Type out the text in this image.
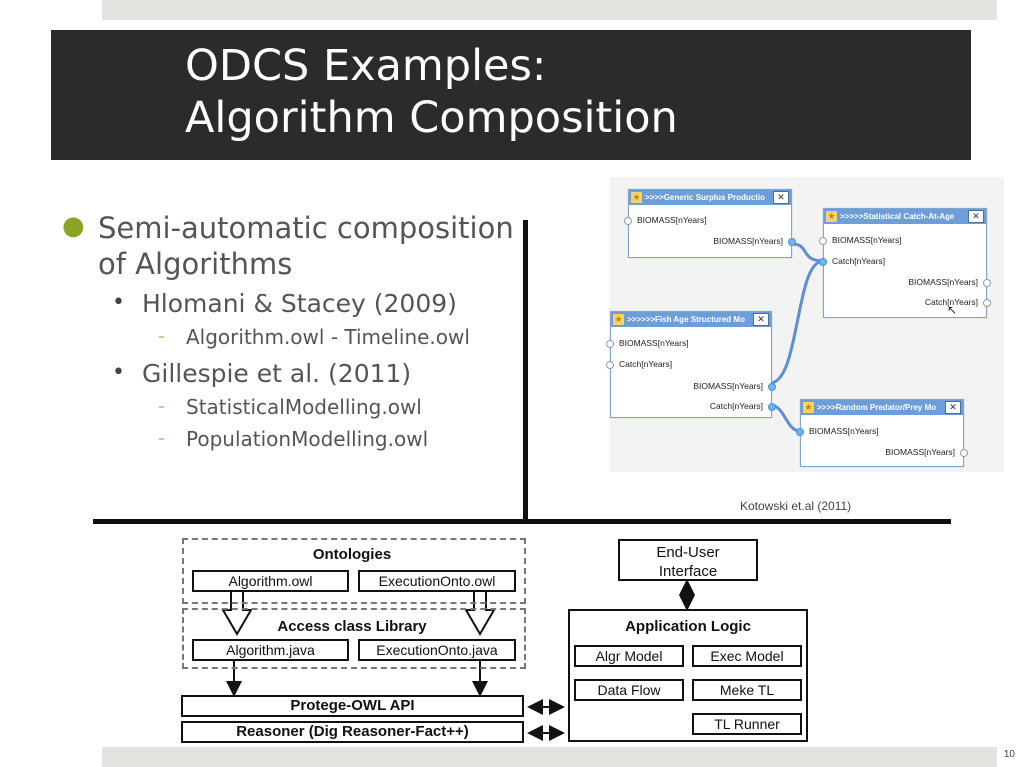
ODCS Examples:
Algorithm Composition
● Semi-automatic composition of Algorithms
• Hlomani & Stacey (2009)
– Algorithm.owl - Timeline.owl
• Gillespie et al. (2011)
– StatisticalModelling.owl
– PopulationModelling.owl
>>>>Generic Surplus Productio
★	✕
BIOMASS[nYears]
BIOMASS[nYears]
>>>>>Statistical Catch-At-Age
★	✕
BIOMASS[nYears]
Catch[nYears]
BIOMASS[nYears]
Catch[nYears]
>>>>>>Fish Age Structured Mo
★	✕
BIOMASS[nYears]
Catch[nYears]
BIOMASS[nYears]
Catch[nYears]	>>>>Random Predator/Prey Mo
★	✕
BIOMASS[nYears]
BIOMASS[nYears]
↖
Kotowski et.al (2011)
Ontologies
Algorithm.owl	ExecutionOnto.owl
Access class Library
Algorithm.java	ExecutionOnto.java
Protege-OWL API
Reasoner (Dig Reasoner-Fact++)
End-User
Interface
Application Logic
Algr Model	Exec Model
Data Flow	Meke TL
TL Runner
10
